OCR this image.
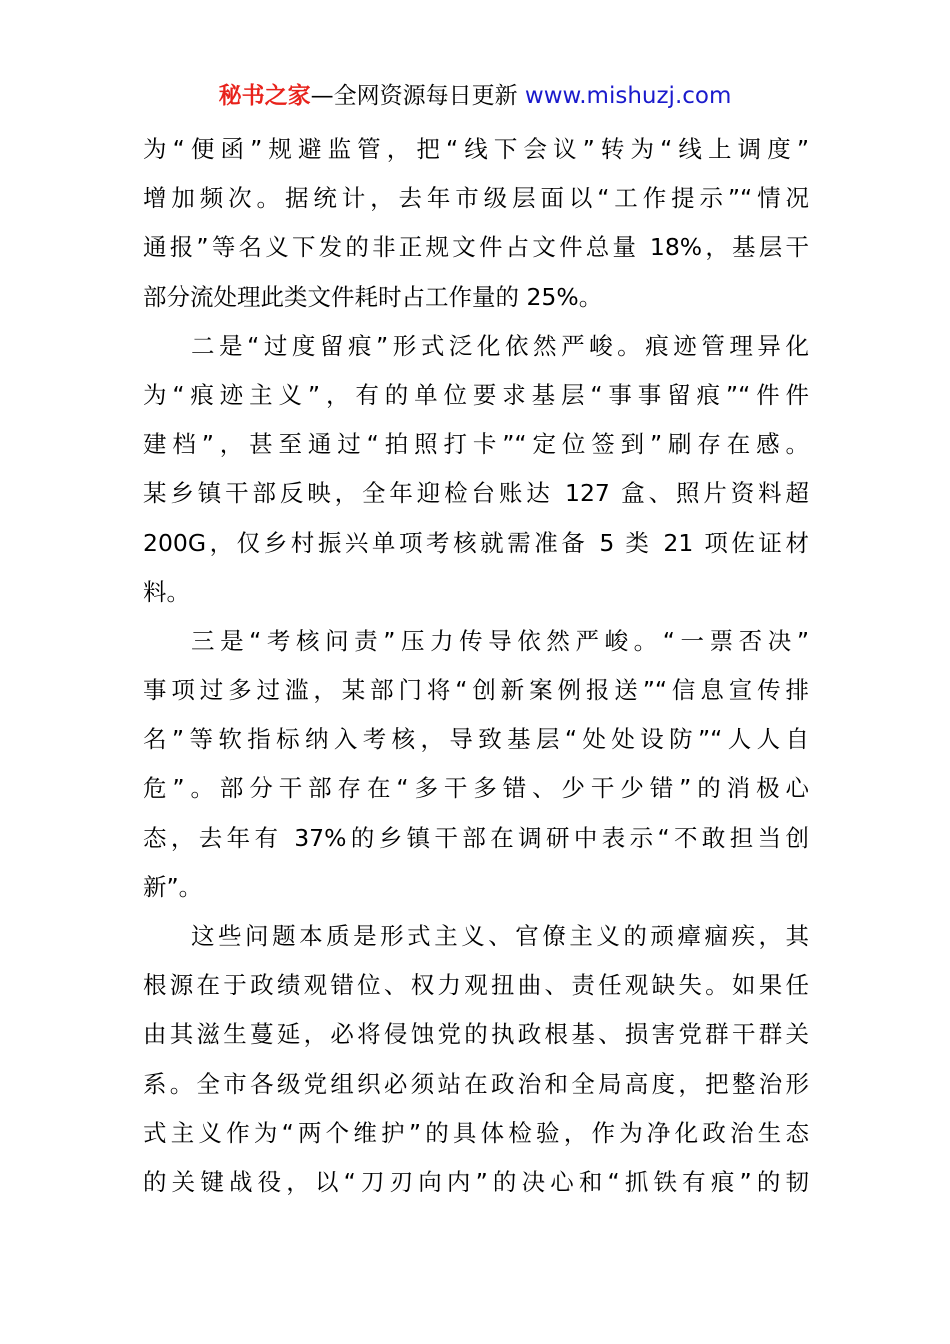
秘书之家—全网资源每日更新 www.mishuzj.com
为“便函”规避监管，把“线下会议”转为“线上调度”
增加频次。据统计，去年市级层面以“工作提示”“情况
通报”等名义下发的非正规文件占文件总量 18%，基层干
部分流处理此类文件耗时占工作量的 25%。
二是“过度留痕”形式泛化依然严峻。痕迹管理异化
为“痕迹主义”，有的单位要求基层“事事留痕”“件件
建档”，甚至通过“拍照打卡”“定位签到”刷存在感。
某乡镇干部反映，全年迎检台账达 127 盒、照片资料超
200G，仅乡村振兴单项考核就需准备 5 类 21 项佐证材
料。
三是“考核问责”压力传导依然严峻。“一票否决”
事项过多过滥，某部门将“创新案例报送”“信息宣传排
名”等软指标纳入考核，导致基层“处处设防”“人人自
危”。部分干部存在“多干多错、少干少错”的消极心
态，去年有 37%的乡镇干部在调研中表示“不敢担当创
新”。
这些问题本质是形式主义、官僚主义的顽瘴痼疾，其
根源在于政绩观错位、权力观扭曲、责任观缺失。如果任
由其滋生蔓延，必将侵蚀党的执政根基、损害党群干群关
系。全市各级党组织必须站在政治和全局高度，把整治形
式主义作为“两个维护”的具体检验，作为净化政治生态
的关键战役，以“刀刃向内”的决心和“抓铁有痕”的韧
